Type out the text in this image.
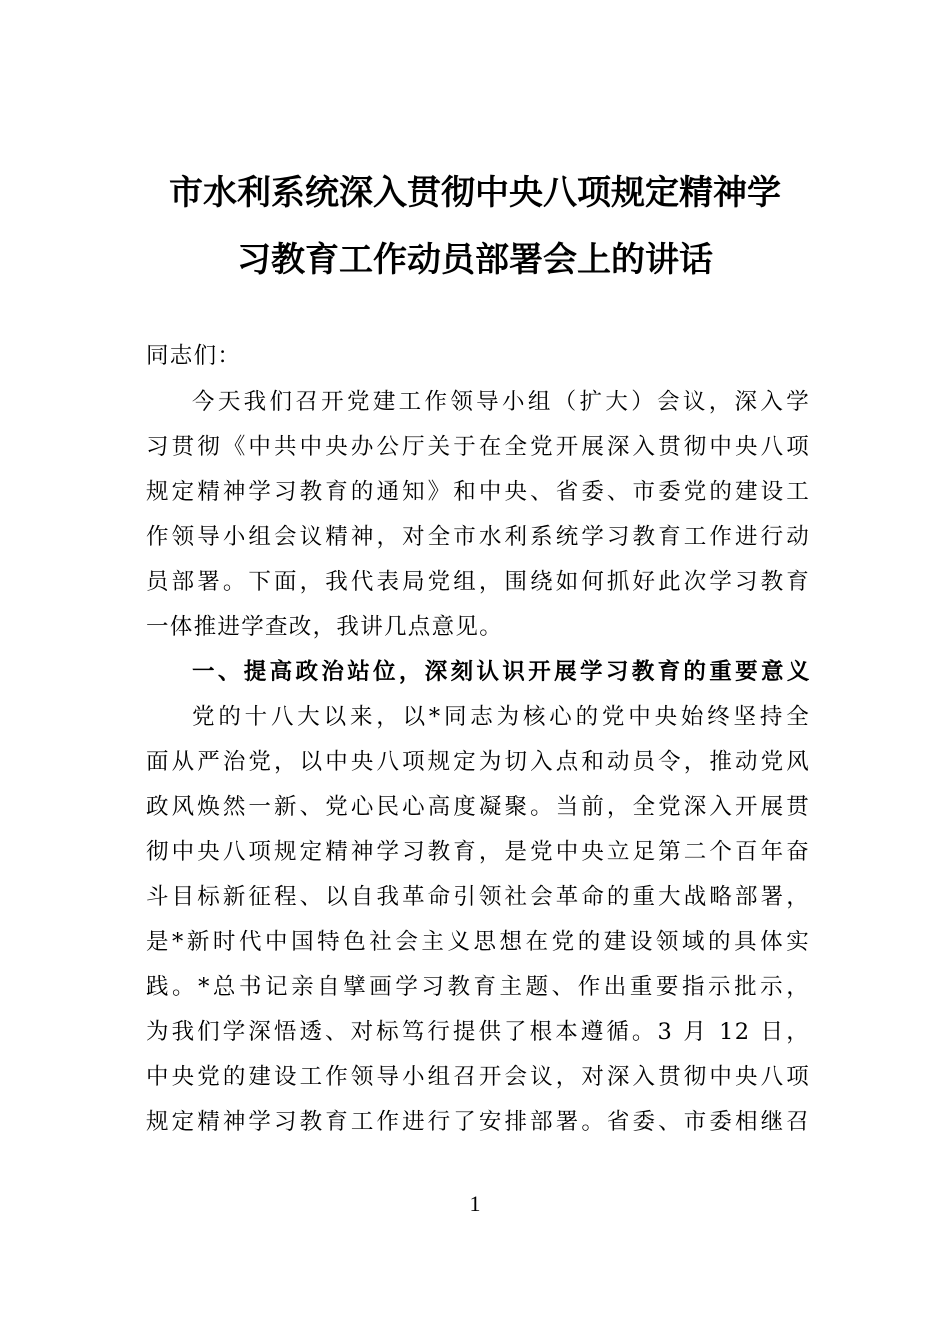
市水利系统深入贯彻中央八项规定精神学
习教育工作动员部署会上的讲话
同志们：
今天我们召开党建工作领导小组（扩大）会议，深入学
习贯彻《中共中央办公厅关于在全党开展深入贯彻中央八项
规定精神学习教育的通知》和中央、省委、市委党的建设工
作领导小组会议精神，对全市水利系统学习教育工作进行动
员部署。下面，我代表局党组，围绕如何抓好此次学习教育
一体推进学查改，我讲几点意见。
一、提高政治站位，深刻认识开展学习教育的重要意义
党的十八大以来，以*同志为核心的党中央始终坚持全
面从严治党，以中央八项规定为切入点和动员令，推动党风
政风焕然一新、党心民心高度凝聚。当前，全党深入开展贯
彻中央八项规定精神学习教育，是党中央立足第二个百年奋
斗目标新征程、以自我革命引领社会革命的重大战略部署，
是*新时代中国特色社会主义思想在党的建设领域的具体实
践。*总书记亲自擘画学习教育主题、作出重要指示批示，
为我们学深悟透、对标笃行提供了根本遵循。3 月 12 日，
中央党的建设工作领导小组召开会议，对深入贯彻中央八项
规定精神学习教育工作进行了安排部署。省委、市委相继召
1
